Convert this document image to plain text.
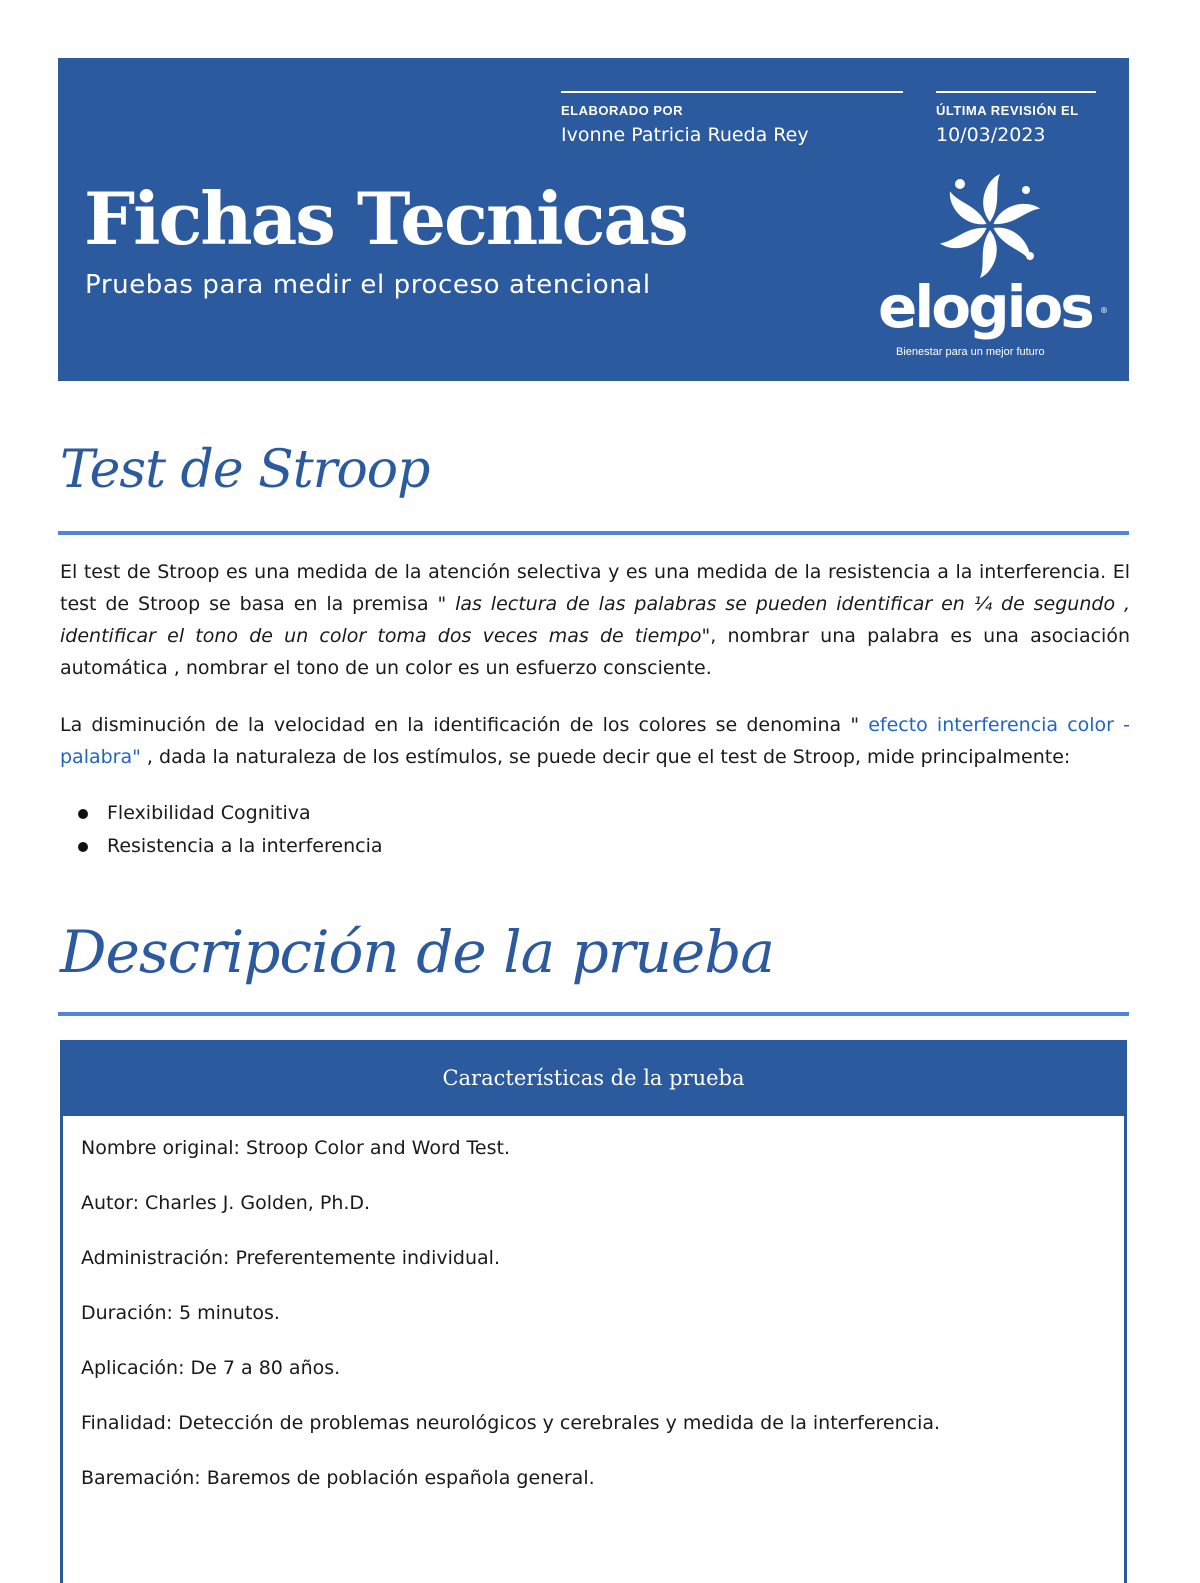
ELABORADO POR
Ivonne Patricia Rueda Rey
ÚLTIMA REVISIÓN EL
10/03/2023
Fichas Tecnicas
Pruebas para medir el proceso atencional	elogios ®
Bienestar para un mejor futuro
Test de Stroop
El test de Stroop es una medida de la atención selectiva y es una medida de la resistencia a la interferencia. El test de Stroop se basa en la premisa " las lectura de las palabras se pueden identificar en ¼ de segundo , identificar el tono de un color toma dos veces mas de tiempo", nombrar una palabra es una asociación automática , nombrar el tono de un color es un esfuerzo consciente.
La disminución de la velocidad en la identificación de los colores se denomina " efecto interferencia color - palabra" , dada la naturaleza de los estímulos, se puede decir que el test de Stroop, mide principalmente:
Flexibilidad Cognitiva
Resistencia a la interferencia
Descripción de la prueba
Características de la prueba
Nombre original: Stroop Color and Word Test.
Autor: Charles J. Golden, Ph.D.
Administración: Preferentemente individual.
Duración: 5 minutos.
Aplicación: De 7 a 80 años.
Finalidad: Detección de problemas neurológicos y cerebrales y medida de la interferencia.
Baremación: Baremos de población española general.
